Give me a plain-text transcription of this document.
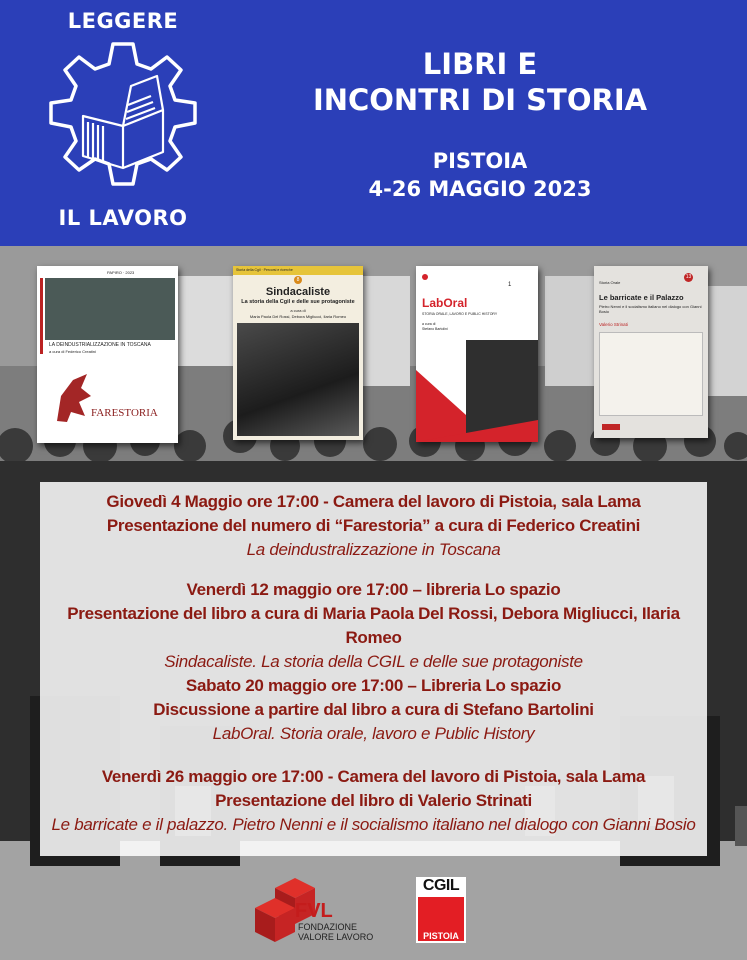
LEGGERE
IL LAVORO
LIBRI E
INCONTRI DI STORIA
PISTOIA
4-26 MAGGIO 2023
PAPIRO · 2023
LA DEINDUSTRIALIZZAZIONE IN TOSCANA
a cura di Federico Creatini
FARESTORIA
Storia della Cgil · Percorsi e ricerche
8
Sindacaliste
La storia della Cgil e delle sue protagoniste
a cura di
Maria Paola Del Rossi, Debora Migliucci, Ilaria Romeo
1
LabOral
STORIA ORALE, LAVORO E PUBLIC HISTORY
a cura di
Stefano Bartolini
Storia Orale
13
Le barricate e il Palazzo
Pietro Nenni e il socialismo italiano nel dialogo con Gianni Bosio
Valerio Strinati
Giovedì 4 Maggio ore 17:00 - Camera del lavoro di Pistoia, sala Lama
Presentazione del numero di “Farestoria” a cura di Federico Creatini
La deindustralizzazione in Toscana
Venerdì 12 maggio ore 17:00 – libreria Lo spazio
Presentazione del libro a cura di Maria Paola Del Rossi, Debora Migliucci, Ilaria Romeo
Sindacaliste. La storia della CGIL e delle sue protagoniste
Sabato 20 maggio ore 17:00 – Libreria Lo spazio
Discussione a partire dal libro a cura di Stefano Bartolini
LabOral. Storia orale, lavoro e Public History
Venerdì 26 maggio ore 17:00 - Camera del lavoro di Pistoia, sala Lama
Presentazione del libro di Valerio Strinati
Le barricate e il palazzo. Pietro Nenni e il socialismo italiano nel dialogo con Gianni Bosio
FVL
FONDAZIONE
VALORE LAVORO
CGIL
PISTOIA
